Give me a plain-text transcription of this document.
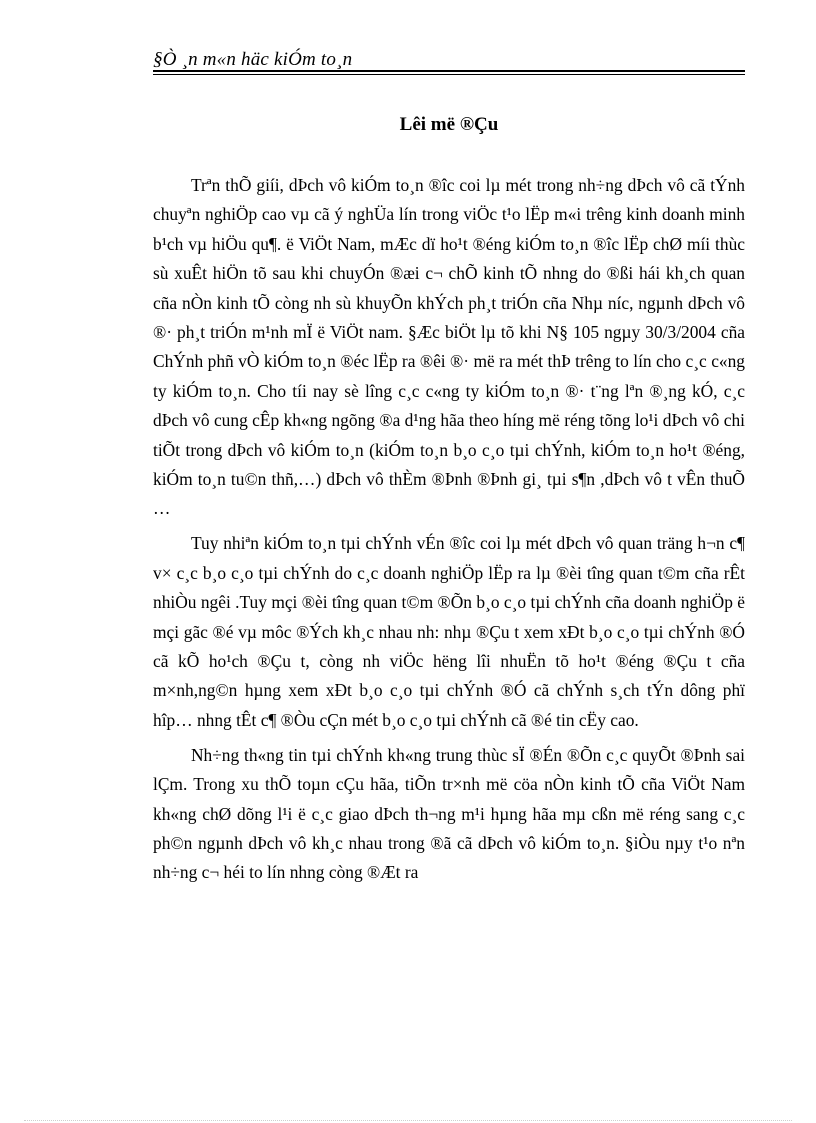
§Ò ¸n m«n häc kiÓm to¸n
Lêi më ®Çu

Trªn thÕ giíi, dÞch vô kiÓm to¸n ®îc coi lµ mét trong nh÷ng dÞch vô cã tÝnh chuyªn nghiÖp cao vµ cã ý nghÜa lín trong viÖc t¹o lËp m«i trêng kinh doanh minh b¹ch vµ hiÖu qu¶. ë ViÖt Nam, mÆc dï ho¹t ®éng kiÓm to¸n ®îc lËp chØ míi thùc sù xuÊt hiÖn tõ sau khi chuyÓn ®æi c¬ chÕ kinh tÕ nhng do ®ßi hái kh¸ch quan cña nÒn kinh tÕ còng nh sù khuyÕn khÝch ph¸t triÓn cña Nhµ níc, ngµnh dÞch vô ®· ph¸t triÓn m¹nh mÏ ë ViÖt nam. §Æc biÖt lµ tõ khi N§ 105 ngµy 30/3/2004 cña ChÝnh phñ vÒ kiÓm to¸n ®éc lËp ra ®êi ®· më ra mét thÞ trêng to lín cho c¸c c«ng ty kiÓm to¸n. Cho tíi nay sè lîng c¸c c«ng ty kiÓm to¸n ®· t¨ng lªn ®¸ng kÓ, c¸c dÞch vô cung cÊp kh«ng ngõng ®a d¹ng hãa theo híng më réng tõng lo¹i dÞch vô chi tiÕt trong dÞch vô kiÓm to¸n (kiÓm to¸n b¸o c¸o tµi chÝnh, kiÓm to¸n ho¹t ®éng, kiÓm to¸n tu©n thñ,…) dÞch vô thÈm ®Þnh ®Þnh gi¸ tµi s¶n ,dÞch vô t vÊn thuÕ …

Tuy nhiªn kiÓm to¸n tµi chÝnh vÉn ®îc coi lµ mét dÞch vô quan träng h¬n c¶ v× c¸c b¸o c¸o tµi chÝnh do c¸c doanh nghiÖp lËp ra lµ ®èi tîng quan t©m cña rÊt nhiÒu ngêi .Tuy mçi ®èi tîng quan t©m ®Õn b¸o c¸o tµi chÝnh cña doanh nghiÖp ë mçi gãc ®é vµ môc ®Ých kh¸c nhau nh: nhµ ®Çu t xem xÐt b¸o c¸o tµi chÝnh ®Ó cã kÕ ho¹ch ®Çu t, còng nh viÖc hëng lîi nhuËn tõ ho¹t ®éng ®Çu t cña m×nh,ng©n hµng xem xÐt b¸o c¸o tµi chÝnh ®Ó cã chÝnh s¸ch tÝn dông phï hîp… nhng tÊt c¶ ®Òu cÇn mét b¸o c¸o tµi chÝnh cã ®é tin cËy cao.

Nh÷ng th«ng tin tµi chÝnh kh«ng trung thùc sÏ ®Én ®Õn c¸c quyÕt ®Þnh sai lÇm. Trong xu thÕ toµn cÇu hãa, tiÕn tr×nh më cöa nÒn kinh tÕ cña ViÖt Nam kh«ng chØ dõng l¹i ë c¸c giao dÞch th¬ng m¹i hµng hãa mµ cßn më réng sang c¸c ph©n ngµnh dÞch vô kh¸c nhau trong ®ã cã dÞch vô kiÓm to¸n. §iÒu nµy t¹o nªn nh÷ng c¬ héi to lín nhng còng ®Æt ra
